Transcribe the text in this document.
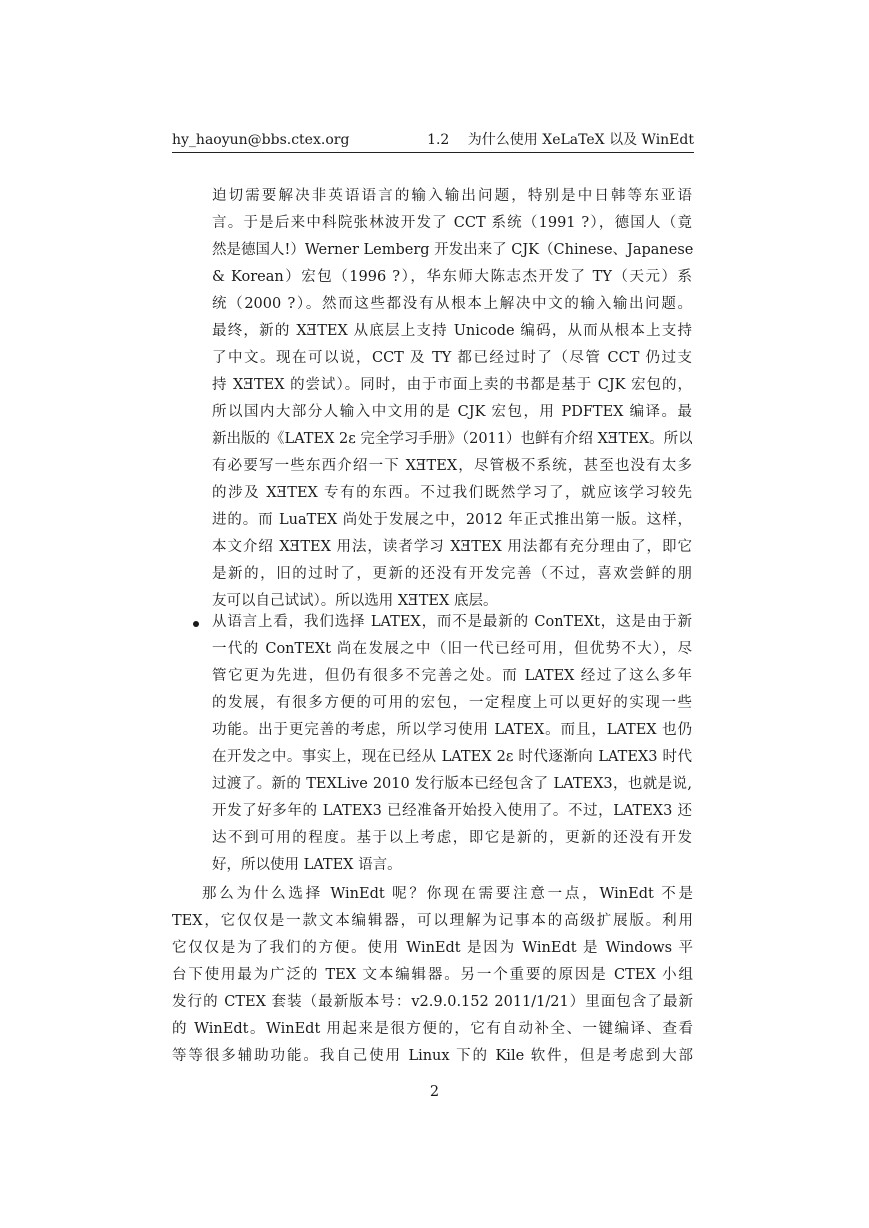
hy_haoyun@bbs.ctex.org	1.2 为什么使用 XeLaTeX 以及 WinEdt
迫切需要解决非英语语言的输入输出问题，特别是中日韩等东亚语
言。于是后来中科院张林波开发了 CCT 系统（1991 ?），德国人（竟
然是德国人!）Werner Lemberg 开发出来了 CJK（Chinese、Japanese
& Korean）宏包（1996 ?），华东师大陈志杰开发了 TY（天元）系
统（2000 ?）。然而这些都没有从根本上解决中文的输入输出问题。
最终，新的 XƎTEX 从底层上支持 Unicode 编码，从而从根本上支持
了中文。现在可以说，CCT 及 TY 都已经过时了（尽管 CCT 仍过支
持 XƎTEX 的尝试）。同时，由于市面上卖的书都是基于 CJK 宏包的，
所以国内大部分人输入中文用的是 CJK 宏包，用 PDFTEX 编译。最
新出版的《LATEX 2ε 完全学习手册》（2011）也鲜有介绍 XƎTEX。所以
有必要写一些东西介绍一下 XƎTEX，尽管极不系统，甚至也没有太多
的涉及 XƎTEX 专有的东西。不过我们既然学习了，就应该学习较先
进的。而 LuaTEX 尚处于发展之中，2012 年正式推出第一版。这样，
本文介绍 XƎTEX 用法，读者学习 XƎTEX 用法都有充分理由了，即它
是新的，旧的过时了，更新的还没有开发完善（不过，喜欢尝鲜的朋
友可以自己试试）。所以选用 XƎTEX 底层。
从语言上看，我们选择 LATEX，而不是最新的 ConTEXt，这是由于新
一代的 ConTEXt 尚在发展之中（旧一代已经可用，但优势不大），尽
管它更为先进，但仍有很多不完善之处。而 LATEX 经过了这么多年
的发展，有很多方便的可用的宏包，一定程度上可以更好的实现一些
功能。出于更完善的考虑，所以学习使用 LATEX。而且，LATEX 也仍
在开发之中。事实上，现在已经从 LATEX 2ε 时代逐渐向 LATEX3 时代
过渡了。新的 TEXLive 2010 发行版本已经包含了 LATEX3，也就是说,
开发了好多年的 LATEX3 已经准备开始投入使用了。不过，LATEX3 还
达不到可用的程度。基于以上考虑，即它是新的，更新的还没有开发
好，所以使用 LATEX 语言。
那么为什么选择 WinEdt 呢？你现在需要注意一点，WinEdt 不是
TEX，它仅仅是一款文本编辑器，可以理解为记事本的高级扩展版。利用
它仅仅是为了我们的方便。使用 WinEdt 是因为 WinEdt 是 Windows 平
台下使用最为广泛的 TEX 文本编辑器。另一个重要的原因是 CTEX 小组
发行的 CTEX 套装（最新版本号：v2.9.0.152 2011/1/21）里面包含了最新
的 WinEdt。WinEdt 用起来是很方便的，它有自动补全、一键编译、查看
等等很多辅助功能。我自己使用 Linux 下的 Kile 软件，但是考虑到大部
2
